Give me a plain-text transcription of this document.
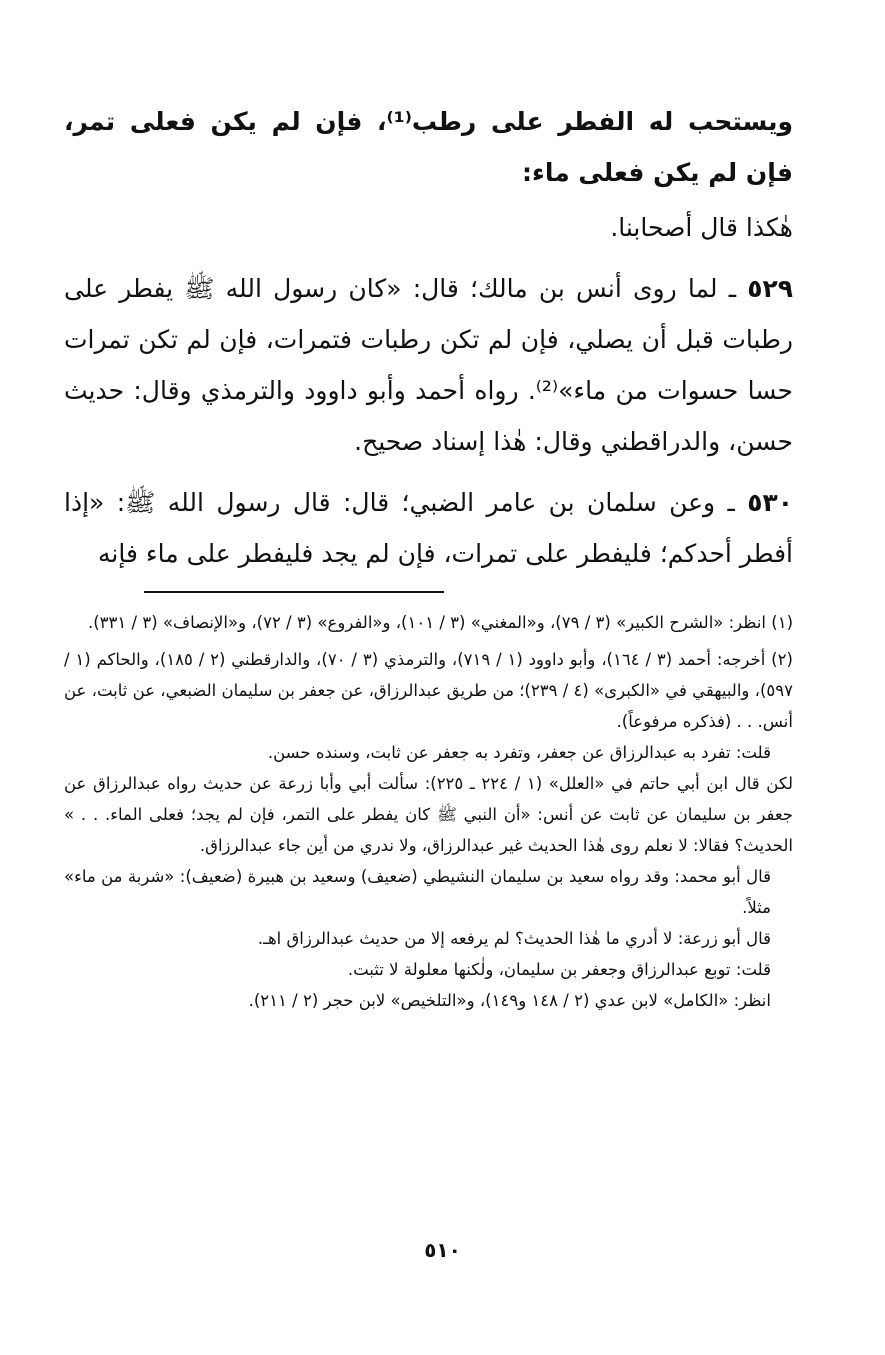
ويستحب له الفطر على رطب⁽¹⁾، فإن لم يكن فعلى تمر، فإن لم يكن فعلى ماء:

هٰكذا قال أصحابنا.

٥٢٩ ـ لما روى أنس بن مالك؛ قال: «كان رسول الله ﷺ يفطر على رطبات قبل أن يصلي، فإن لم تكن رطبات فتمرات، فإن لم تكن تمرات حسا حسوات من ماء»⁽²⁾. رواه أحمد وأبو داوود والترمذي وقال: حديث حسن، والدراقطني وقال: هٰذا إسناد صحيح.

٥٣٠ ـ وعن سلمان بن عامر الضبي؛ قال: قال رسول الله ﷺ: «إذا أفطر أحدكم؛ فليفطر على تمرات، فإن لم يجد فليفطر على ماء فإنه

(١) انظر: «الشرح الكبير» (٣ / ٧٩)، و«المغني» (٣ / ١٠١)، و«الفروع» (٣ / ٧٢)، و«الإنصاف» (٣ / ٣٣١).

(٢) أخرجه: أحمد (٣ / ١٦٤)، وأبو داوود (١ / ٧١٩)، والترمذي (٣ / ٧٠)، والدارقطني (٢ / ١٨٥)، والحاكم (١ / ٥٩٧)، والبيهقي في «الكبرى» (٤ / ٢٣٩)؛ من طريق عبدالرزاق، عن جعفر بن سليمان الضبعي، عن ثابت، عن أنس. . . (فذكره مرفوعاً).

قلت: تفرد به عبدالرزاق عن جعفر، وتفرد به جعفر عن ثابت، وسنده حسن.

لكن قال ابن أبي حاتم في «العلل» (١ / ٢٢٤ ـ ٢٢٥): سألت أبي وأبا زرعة عن حديث رواه عبدالرزاق عن جعفر بن سليمان عن ثابت عن أنس: «أن النبي ﷺ كان يفطر على التمر، فإن لم يجد؛ فعلى الماء. . . » الحديث؟ فقالا: لا نعلم روى هٰذا الحديث غير عبدالرزاق، ولا ندري من أين جاء عبدالرزاق.

قال أبو محمد: وقد رواه سعيد بن سليمان النشيطي (ضعيف) وسعيد بن هبيرة (ضعيف): «شربة من ماء» مثلاً.

قال أبو زرعة: لا أدري ما هٰذا الحديث؟ لم يرفعه إلا من حديث عبدالرزاق اهـ.

قلت: توبع عبدالرزاق وجعفر بن سليمان، ولٰكنها معلولة لا تثبت.

انظر: «الكامل» لابن عدي (٢ / ١٤٨ و١٤٩)، و«التلخيص» لابن حجر (٢ / ٢١١).

٥١٠
